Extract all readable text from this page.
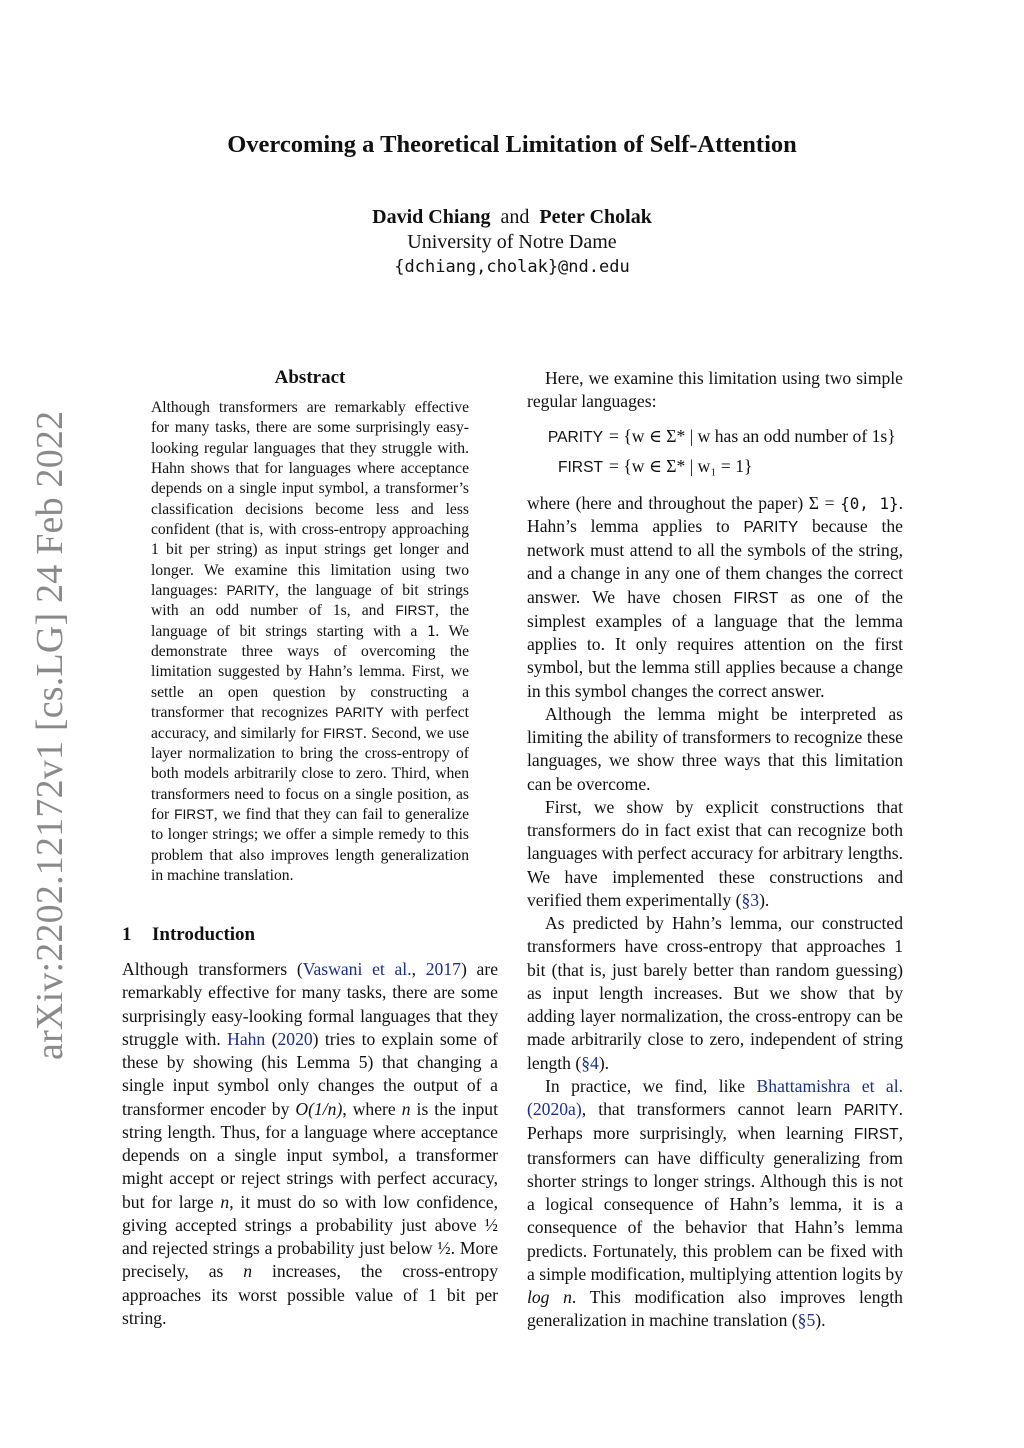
arXiv:2202.12172v1 [cs.LG] 24 Feb 2022
Overcoming a Theoretical Limitation of Self-Attention
David Chiang and Peter Cholak
University of Notre Dame
{dchiang,cholak}@nd.edu
Abstract

Although transformers are remarkably effective for many tasks, there are some surprisingly easy-looking regular languages that they struggle with. Hahn shows that for languages where acceptance depends on a single input symbol, a transformer’s classification decisions become less and less confident (that is, with cross-entropy approaching 1 bit per string) as input strings get longer and longer. We examine this limitation using two languages: PARITY, the language of bit strings with an odd number of 1s, and FIRST, the language of bit strings starting with a 1. We demonstrate three ways of overcoming the limitation suggested by Hahn’s lemma. First, we settle an open question by constructing a transformer that recognizes PARITY with perfect accuracy, and similarly for FIRST. Second, we use layer normalization to bring the cross-entropy of both models arbitrarily close to zero. Third, when transformers need to focus on a single position, as for FIRST, we find that they can fail to generalize to longer strings; we offer a simple remedy to this problem that also improves length generalization in machine translation.

1 Introduction

Although transformers (Vaswani et al., 2017) are remarkably effective for many tasks, there are some surprisingly easy-looking formal languages that they struggle with. Hahn (2020) tries to explain some of these by showing (his Lemma 5) that changing a single input symbol only changes the output of a transformer encoder by O(1/n), where n is the input string length. Thus, for a language where acceptance depends on a single input symbol, a transformer might accept or reject strings with perfect accuracy, but for large n, it must do so with low confidence, giving accepted strings a probability just above ½ and rejected strings a probability just below ½. More precisely, as n increases, the cross-entropy approaches its worst possible value of 1 bit per string.

Here, we examine this limitation using two simple regular languages:

PARITY = {w ∈ Σ* | w has an odd number of 1s}
FIRST = {w ∈ Σ* | w₁ = 1}

where (here and throughout the paper) Σ = {0, 1}. Hahn’s lemma applies to PARITY because the network must attend to all the symbols of the string, and a change in any one of them changes the correct answer. We have chosen FIRST as one of the simplest examples of a language that the lemma applies to. It only requires attention on the first symbol, but the lemma still applies because a change in this symbol changes the correct answer.

Although the lemma might be interpreted as limiting the ability of transformers to recognize these languages, we show three ways that this limitation can be overcome.

First, we show by explicit constructions that transformers do in fact exist that can recognize both languages with perfect accuracy for arbitrary lengths. We have implemented these constructions and verified them experimentally (§3).

As predicted by Hahn’s lemma, our constructed transformers have cross-entropy that approaches 1 bit (that is, just barely better than random guessing) as input length increases. But we show that by adding layer normalization, the cross-entropy can be made arbitrarily close to zero, independent of string length (§4).

In practice, we find, like Bhattamishra et al. (2020a), that transformers cannot learn PARITY. Perhaps more surprisingly, when learning FIRST, transformers can have difficulty generalizing from shorter strings to longer strings. Although this is not a logical consequence of Hahn’s lemma, it is a consequence of the behavior that Hahn’s lemma predicts. Fortunately, this problem can be fixed with a simple modification, multiplying attention logits by log n. This modification also improves length generalization in machine translation (§5).
